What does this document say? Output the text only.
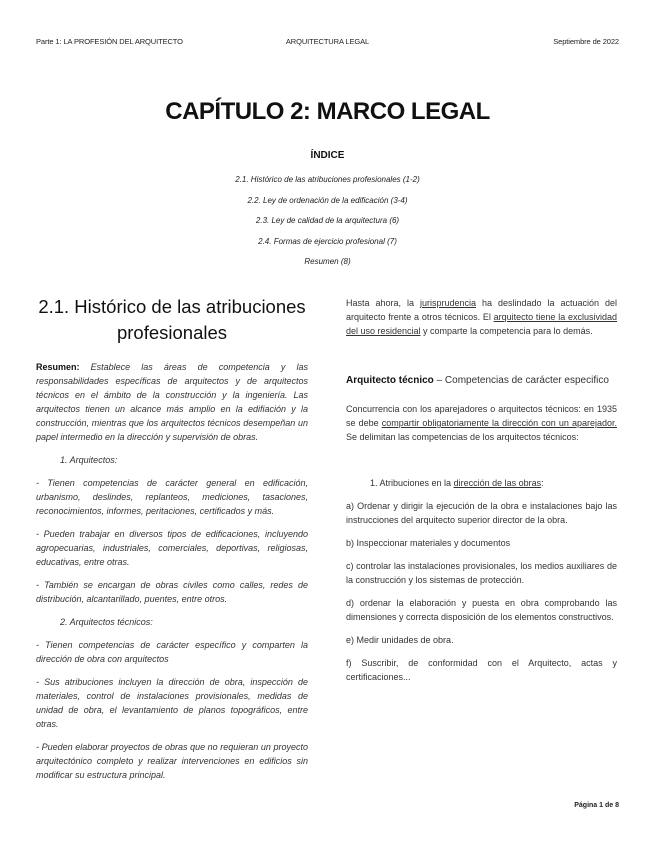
Parte 1: LA PROFESIÓN DEL ARQUITECTO	ARQUITECTURA LEGAL	Septiembre de 2022
CAPÍTULO 2: MARCO LEGAL
ÍNDICE
2.1. Histórico de las atribuciones profesionales (1-2)
2.2. Ley de ordenación de la edificación (3-4)
2.3. Ley de calidad de la arquitectura (6)
2.4. Formas de ejercicio profesional (7)
Resumen (8)
2.1. Histórico de las atribuciones profesionales

Resumen: Establece las áreas de competencia y las responsabilidades específicas de arquitectos y de arquitectos técnicos en el ámbito de la construcción y la ingeniería. Las arquitectos tienen un alcance más amplio en la edifiación y la construcción, mientras que los arquitectos técnicos desempeñan un papel intermedio en la dirección y supervisión de obras.

1. Arquitectos:

- Tienen competencias de carácter general en edificación, urbanismo, deslindes, replanteos, mediciones, tasaciones, reconocimientos, informes, peritaciones, certificados y más.

- Pueden trabajar en diversos tipos de edificaciones, incluyendo agropecuarias, industriales, comerciales, deportivas, religiosas, educativas, entre otras.

- También se encargan de obras civiles como calles, redes de distribución, alcantarillado, puentes, entre otros.

2. Arquitectos técnicos:

- Tienen competencias de carácter específico y comparten la dirección de obra con arquitectos

- Sus atribuciones incluyen la dirección de obra, inspección de materiales, control de instalaciones provisionales, medidas de unidad de obra, el levantamiento de planos topográficos, entre otras.

- Pueden elaborar proyectos de obras que no requieran un proyecto arquitectónico completo y realizar intervenciones en edificios sin modificar su estructura principal.

Hasta ahora, la jurisprudencia ha deslindado la actuación del arquitecto frente a otros técnicos. El arquitecto tiene la exclusividad del uso residencial y comparte la competencia para lo demás.

Arquitecto técnico – Competencias de carácter especifico

Concurrencia con los aparejadores o arquitectos técnicos: en 1935 se debe compartir obligatoriamente la dirección con un aparejador. Se delimitan las competencias de los arquitectos técnicos:

1. Atribuciones en la dirección de las obras:

a) Ordenar y dirigir la ejecución de la obra e instalaciones bajo las instrucciones del arquitecto superior director de la obra.

b) Inspeccionar materiales y documentos

c) controlar las instalaciones provisionales, los medios auxiliares de la construcción y los sistemas de protección.

d) ordenar la elaboración y puesta en obra comprobando las dimensiones y correcta disposición de los elementos constructivos.

e) Medir unidades de obra.

f) Suscribir, de conformidad con el Arquitecto, actas y certificaciones...

Página 1 de 8
